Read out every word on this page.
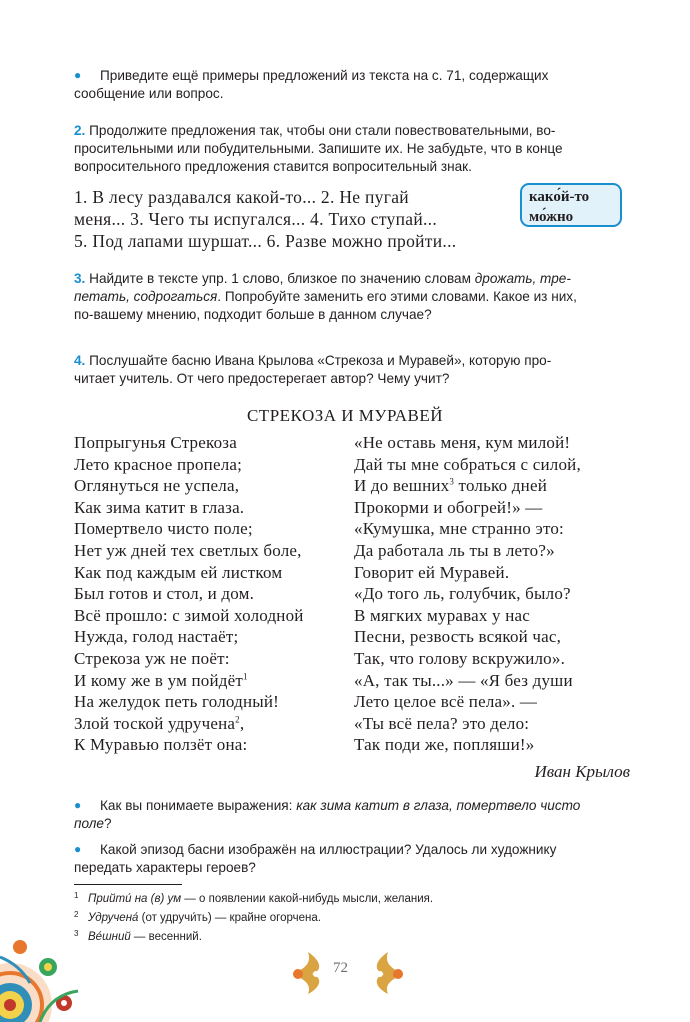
● Приведите ещё примеры предложений из текста на с. 71, содержащих
сообщение или вопрос.
2. Продолжите предложения так, чтобы они стали повествовательными, во-
просительными или побудительными. Запишите их. Не забудьте, что в конце
вопросительного предложения ставится вопросительный знак.
1. В лесу раздавался какой-то... 2. Не пугай
меня... 3. Чего ты испугался... 4. Тихо ступай...
5. Под лапами шуршат... 6. Разве можно пройти...
како́й-то
мо́жно
3. Найдите в тексте упр. 1 слово, близкое по значению словам дрожать, тре-
петать, содрогаться. Попробуйте заменить его этими словами. Какое из них,
по-вашему мнению, подходит больше в данном случае?
4. Послушайте басню Ивана Крылова «Стрекоза и Муравей», которую про-
читает учитель. От чего предостерегает автор? Чему учит?
СТРЕКОЗА И МУРАВЕЙ
Попрыгунья Стрекоза
Лето красное пропела;
Оглянуться не успела,
Как зима катит в глаза.
Помертвело чисто поле;
Нет уж дней тех светлых боле,
Как под каждым ей листком
Был готов и стол, и дом.
Всё прошло: с зимой холодной
Нужда, голод настаёт;
Стрекоза уж не поёт:
И кому же в ум пойдёт$^1$
На желудок петь голодный!
Злой тоской удручена$^2$,
К Муравью ползёт она:
«Не оставь меня, кум милой!
Дай ты мне собраться с силой,
И до вешних$^3$ только дней
Прокорми и обогрей!» —
«Кумушка, мне странно это:
Да работала ль ты в лето?»
Говорит ей Муравей.
«До того ль, голубчик, было?
В мягких муравах у нас
Песни, резвость всякой час,
Так, что голову вскружило».
«А, так ты...» — «Я без души
Лето целое всё пела». —
«Ты всё пела? это дело:
Так поди же, попляши!»
Иван Крылов
● Как вы понимаете выражения: как зима катит в глаза, помертвело чисто
поле?
● Какой эпизод басни изображён на иллюстрации? Удалось ли художнику
передать характеры героев?
1 Прийти́ на (в) ум — о появлении какой-нибудь мысли, желания.
2 Удручена́ (от удручи́ть) — крайне огорчена.
3 Ве́шний — весенний.
72
